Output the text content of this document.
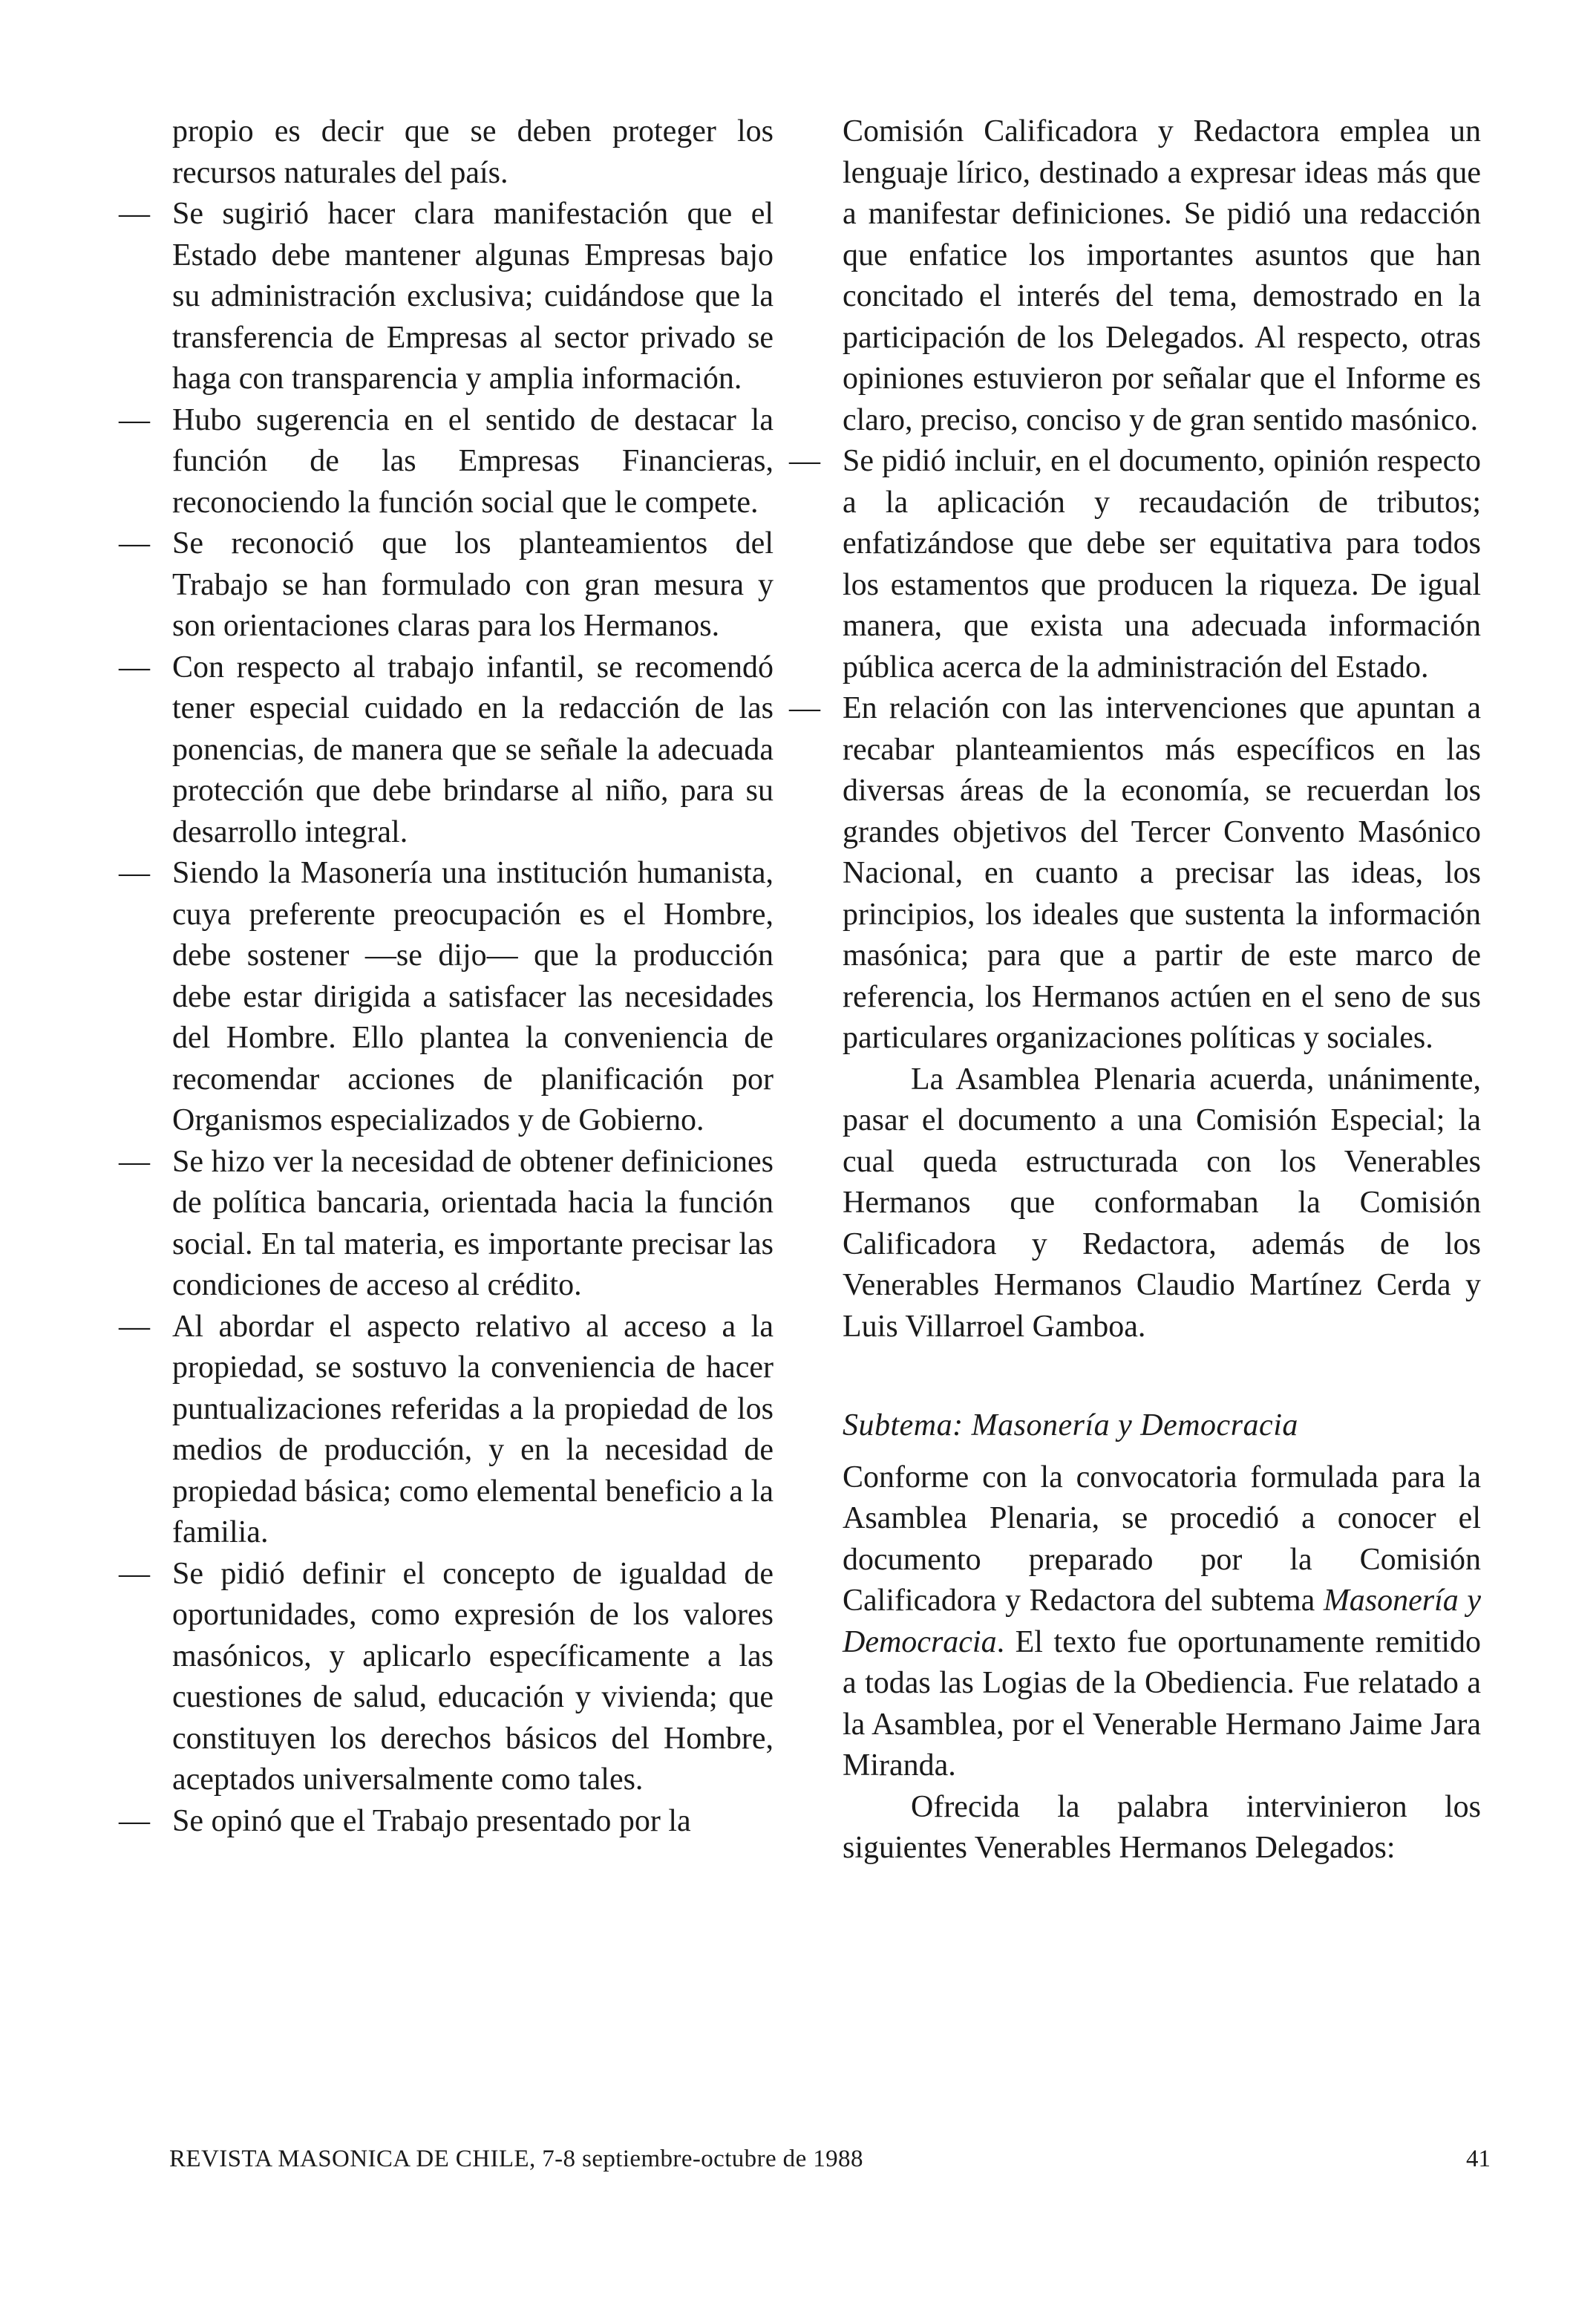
propio es decir que se deben proteger los recursos naturales del país.
— Se sugirió hacer clara manifestación que el Estado debe mantener algunas Empresas bajo su administración exclusiva; cuidándose que la transferencia de Empresas al sector privado se haga con transparencia y amplia información.
— Hubo sugerencia en el sentido de destacar la función de las Empresas Financieras, reconociendo la función social que le compete.
— Se reconoció que los planteamientos del Trabajo se han formulado con gran mesura y son orientaciones claras para los Hermanos.
— Con respecto al trabajo infantil, se recomendó tener especial cuidado en la redacción de las ponencias, de manera que se señale la adecuada protección que debe brindarse al niño, para su desarrollo integral.
— Siendo la Masonería una institución humanista, cuya preferente preocupación es el Hombre, debe sostener —se dijo— que la producción debe estar dirigida a satisfacer las necesidades del Hombre. Ello plantea la conveniencia de recomendar acciones de planificación por Organismos especializados y de Gobierno.
— Se hizo ver la necesidad de obtener definiciones de política bancaria, orientada hacia la función social. En tal materia, es importante precisar las condiciones de acceso al crédito.
— Al abordar el aspecto relativo al acceso a la propiedad, se sostuvo la conveniencia de hacer puntualizaciones referidas a la propiedad de los medios de producción, y en la necesidad de propiedad básica; como elemental beneficio a la familia.
— Se pidió definir el concepto de igualdad de oportunidades, como expresión de los valores masónicos, y aplicarlo específicamente a las cuestiones de salud, educación y vivienda; que constituyen los derechos básicos del Hombre, aceptados universalmente como tales.
— Se opinó que el Trabajo presentado por la
Comisión Calificadora y Redactora emplea un lenguaje lírico, destinado a expresar ideas más que a manifestar definiciones. Se pidió una redacción que enfatice los importantes asuntos que han concitado el interés del tema, demostrado en la participación de los Delegados. Al respecto, otras opiniones estuvieron por señalar que el Informe es claro, preciso, conciso y de gran sentido masónico.
— Se pidió incluir, en el documento, opinión respecto a la aplicación y recaudación de tributos; enfatizándose que debe ser equitativa para todos los estamentos que producen la riqueza. De igual manera, que exista una adecuada información pública acerca de la administración del Estado.
— En relación con las intervenciones que apuntan a recabar planteamientos más específicos en las diversas áreas de la economía, se recuerdan los grandes objetivos del Tercer Convento Masónico Nacional, en cuanto a precisar las ideas, los principios, los ideales que sustenta la información masónica; para que a partir de este marco de referencia, los Hermanos actúen en el seno de sus particulares organizaciones políticas y sociales.
La Asamblea Plenaria acuerda, unánimente, pasar el documento a una Comisión Especial; la cual queda estructurada con los Venerables Hermanos que conformaban la Comisión Calificadora y Redactora, además de los Venerables Hermanos Claudio Martínez Cerda y Luis Villarroel Gamboa.
Subtema: Masonería y Democracia
Conforme con la convocatoria formulada para la Asamblea Plenaria, se procedió a conocer el documento preparado por la Comisión Calificadora y Redactora del subtema Masonería y Democracia. El texto fue oportunamente remitido a todas las Logias de la Obediencia. Fue relatado a la Asamblea, por el Venerable Hermano Jaime Jara Miranda.
Ofrecida la palabra intervinieron los siguientes Venerables Hermanos Delegados:
REVISTA MASONICA DE CHILE, 7-8 septiembre-octubre de 1988	41
